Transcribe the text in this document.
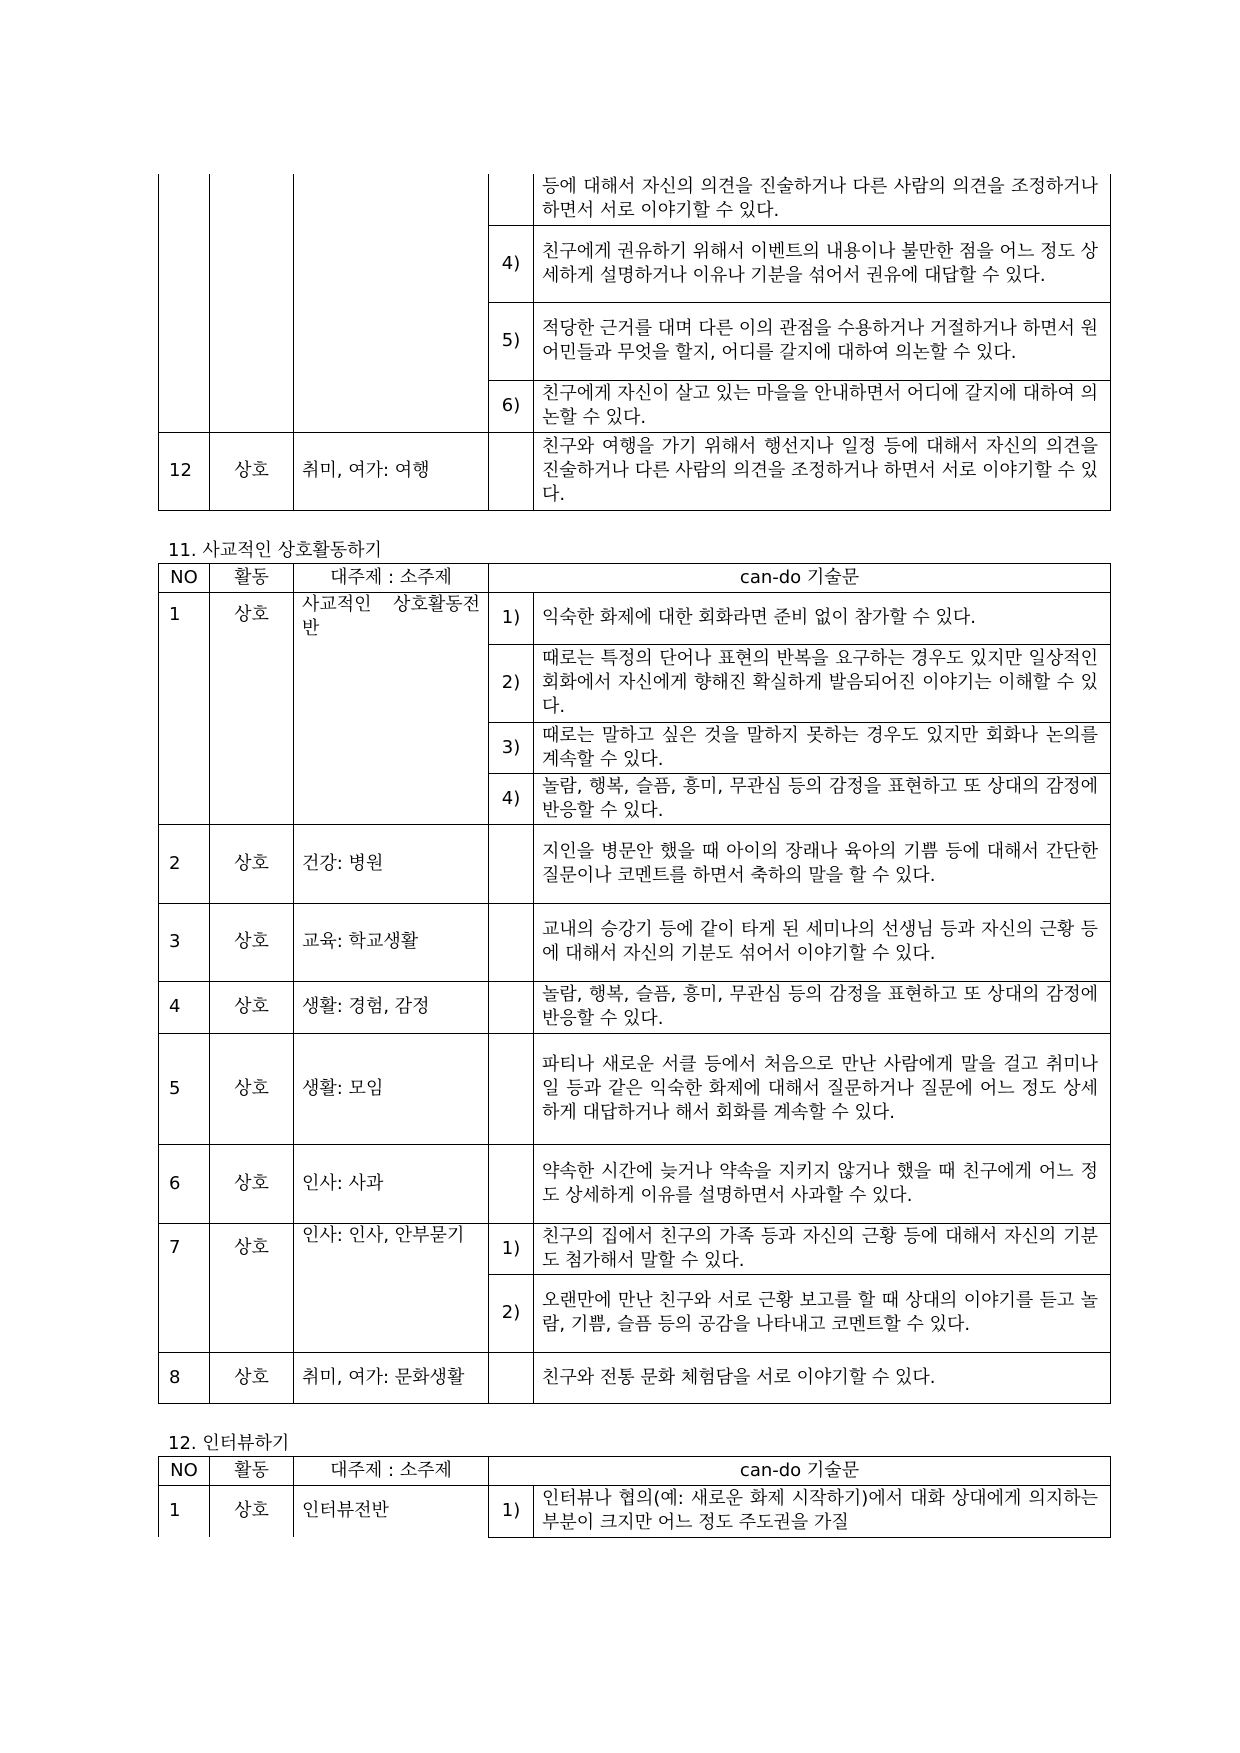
				등에 대해서 자신의 의견을 진술하거나 다른 사람의 의견을 조정하거나 하면서 서로 이야기할 수 있다.
			4)	친구에게 권유하기 위해서 이벤트의 내용이나 불만한 점을 어느 정도 상세하게 설명하거나 이유나 기분을 섞어서 권유에 대답할 수 있다.
			5)	적당한 근거를 대며 다른 이의 관점을 수용하거나 거절하거나 하면서 원어민들과 무엇을 할지, 어디를 갈지에 대하여 의논할 수 있다.
			6)	친구에게 자신이 살고 있는 마을을 안내하면서 어디에 갈지에 대하여 의논할 수 있다.
12	상호	취미, 여가: 여행		친구와 여행을 가기 위해서 행선지나 일정 등에 대해서 자신의 의견을 진술하거나 다른 사람의 의견을 조정하거나 하면서 서로 이야기할 수 있다.
11. 사교적인 상호활동하기
NO	활동	대주제 : 소주제	can-do 기술문	
1	상호	사교적인 상호활동전반	1)	익숙한 화제에 대한 회화라면 준비 없이 참가할 수 있다.
			2)	때로는 특정의 단어나 표현의 반복을 요구하는 경우도 있지만 일상적인 회화에서 자신에게 향해진 확실하게 발음되어진 이야기는 이해할 수 있다.
			3)	때로는 말하고 싶은 것을 말하지 못하는 경우도 있지만 회화나 논의를 계속할 수 있다.
			4)	놀람, 행복, 슬픔, 흥미, 무관심 등의 감정을 표현하고 또 상대의 감정에 반응할 수 있다.
2	상호	건강: 병원		지인을 병문안 했을 때 아이의 장래나 육아의 기쁨 등에 대해서 간단한 질문이나 코멘트를 하면서 축하의 말을 할 수 있다.
3	상호	교육: 학교생활		교내의 승강기 등에 같이 타게 된 세미나의 선생님 등과 자신의 근황 등에 대해서 자신의 기분도 섞어서 이야기할 수 있다.
4	상호	생활: 경험, 감정		놀람, 행복, 슬픔, 흥미, 무관심 등의 감정을 표현하고 또 상대의 감정에 반응할 수 있다.
5	상호	생활: 모임		파티나 새로운 서클 등에서 처음으로 만난 사람에게 말을 걸고 취미나 일 등과 같은 익숙한 화제에 대해서 질문하거나 질문에 어느 정도 상세하게 대답하거나 해서 회화를 계속할 수 있다.
6	상호	인사: 사과		약속한 시간에 늦거나 약속을 지키지 않거나 했을 때 친구에게 어느 정도 상세하게 이유를 설명하면서 사과할 수 있다.
7	상호	인사: 인사, 안부묻기	1)	친구의 집에서 친구의 가족 등과 자신의 근황 등에 대해서 자신의 기분도 첨가해서 말할 수 있다.
			2)	오랜만에 만난 친구와 서로 근황 보고를 할 때 상대의 이야기를 듣고 놀람, 기쁨, 슬픔 등의 공감을 나타내고 코멘트할 수 있다.
8	상호	취미, 여가: 문화생활		친구와 전통 문화 체험담을 서로 이야기할 수 있다.
12. 인터뷰하기
NO	활동	대주제 : 소주제	can-do 기술문	
1	상호	인터뷰전반	1)	인터뷰나 협의(예: 새로운 화제 시작하기)에서 대화 상대에게 의지하는 부분이 크지만 어느 정도 주도권을 가질
